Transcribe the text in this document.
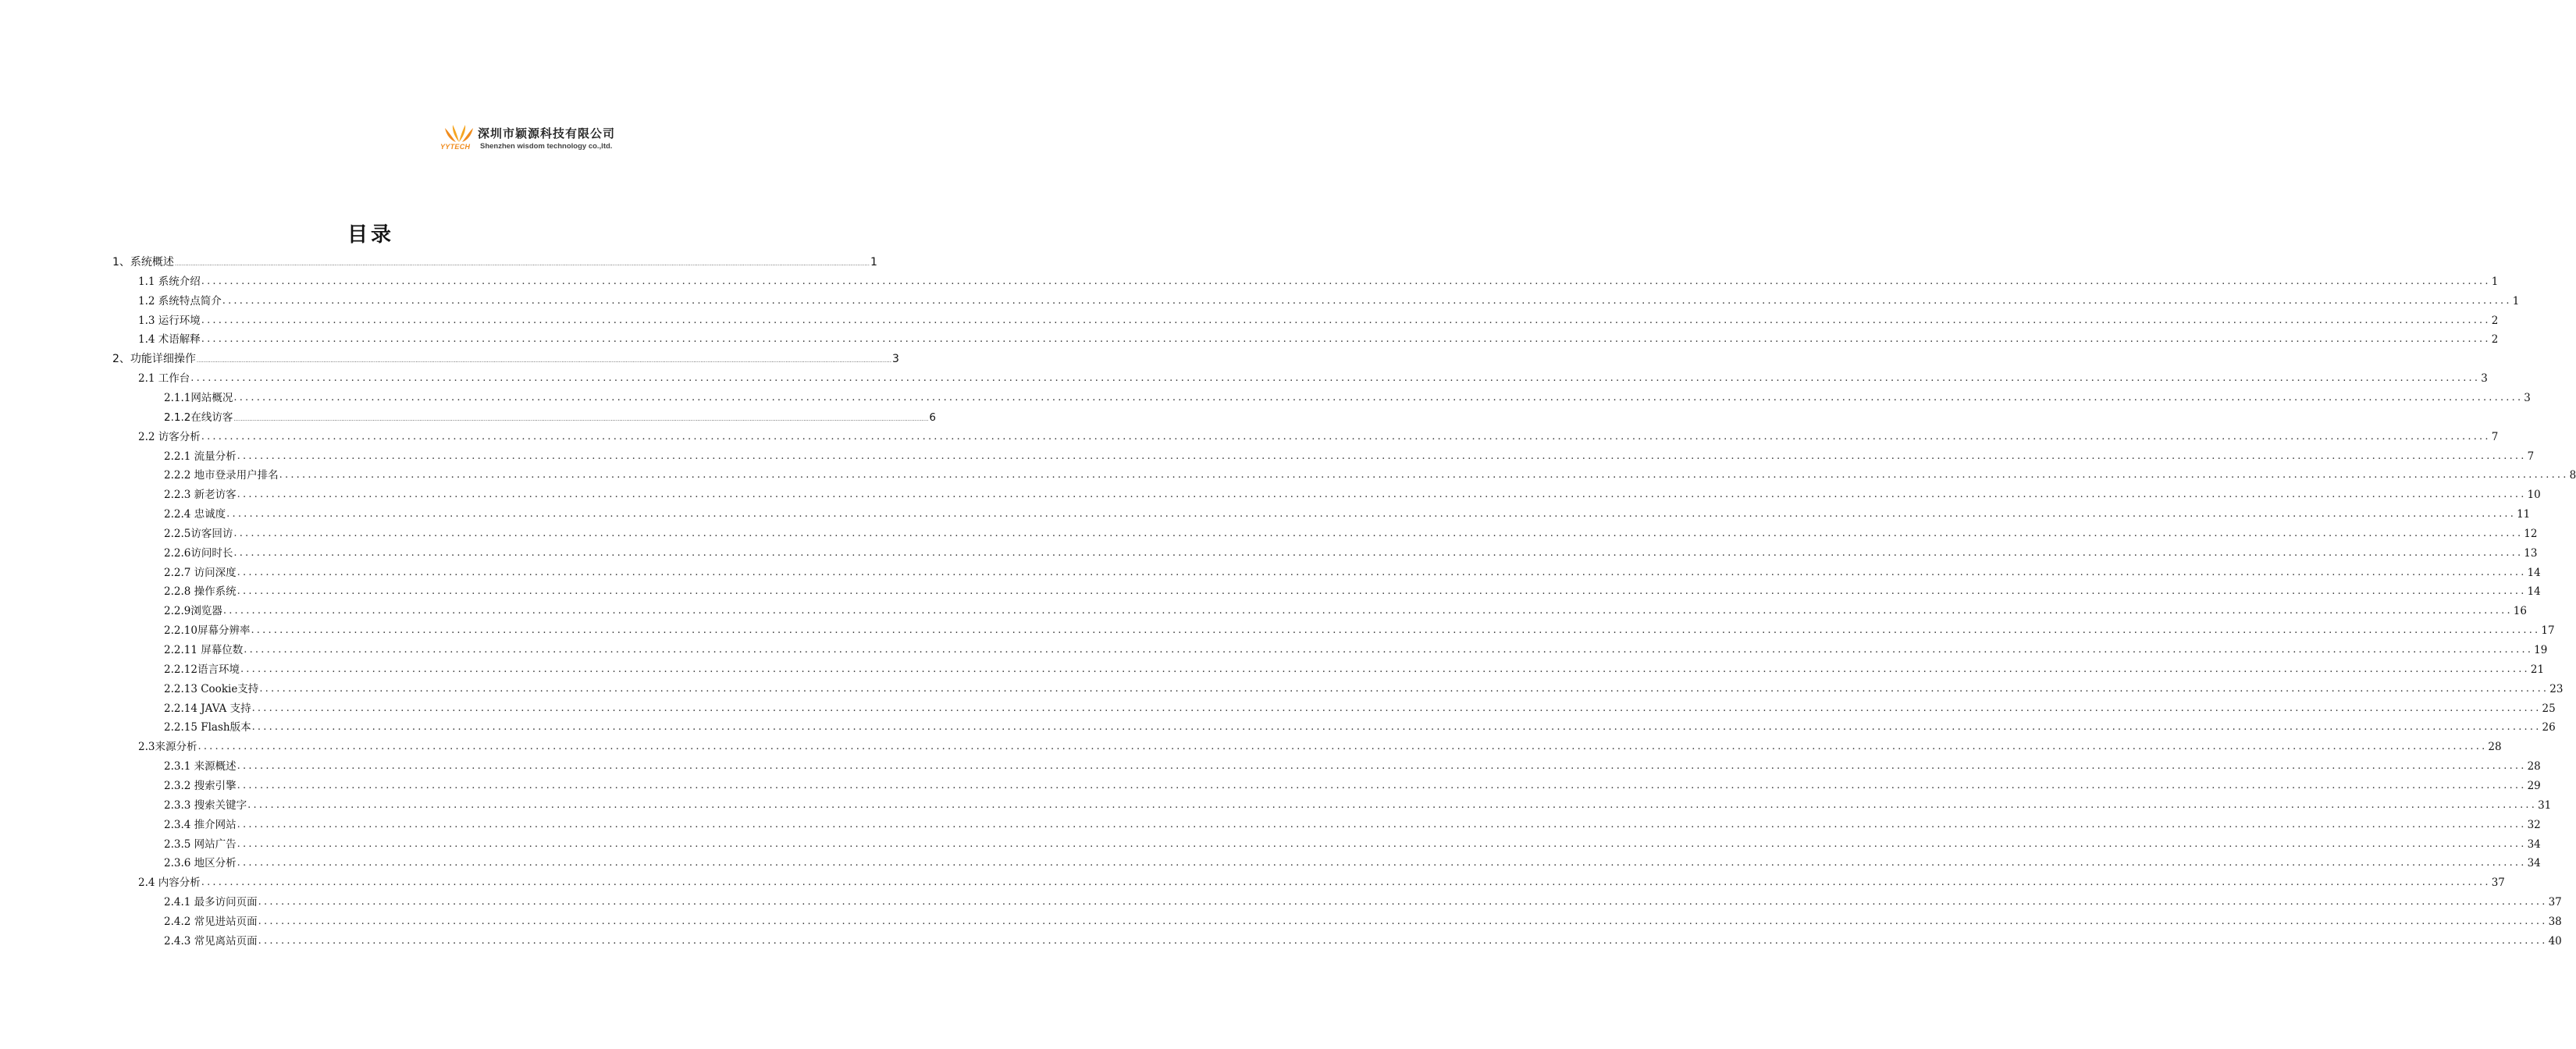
YYTECH
深圳市颖源科技有限公司
Shenzhen wisdom technology co.,ltd.
目录
1、系统概述 ................................................................................................................................................................................................................................................................................................................................................................................................................ 1
1.1 系统介绍 ................................................................................................................................................................................................................................................................................................................................................................................................................ 1
1.2 系统特点简介 ................................................................................................................................................................................................................................................................................................................................................................................................................ 1
1.3 运行环境 ................................................................................................................................................................................................................................................................................................................................................................................................................ 2
1.4 术语解释 ................................................................................................................................................................................................................................................................................................................................................................................................................ 2
2、功能详细操作 ................................................................................................................................................................................................................................................................................................................................................................................................................ 3
2.1 工作台 ................................................................................................................................................................................................................................................................................................................................................................................................................ 3
2.1.1网站概况 ................................................................................................................................................................................................................................................................................................................................................................................................................ 3
2.1.2在线访客 ................................................................................................................................................................................................................................................................................................................................................................................................................ 6
2.2 访客分析 ................................................................................................................................................................................................................................................................................................................................................................................................................ 7
2.2.1 流量分析 ................................................................................................................................................................................................................................................................................................................................................................................................................ 7
2.2.2 地市登录用户排名 ................................................................................................................................................................................................................................................................................................................................................................................................................ 8
2.2.3 新老访客 ................................................................................................................................................................................................................................................................................................................................................................................................................ 10
2.2.4 忠诚度 ................................................................................................................................................................................................................................................................................................................................................................................................................ 11
2.2.5访客回访 ................................................................................................................................................................................................................................................................................................................................................................................................................ 12
2.2.6访问时长 ................................................................................................................................................................................................................................................................................................................................................................................................................ 13
2.2.7 访问深度 ................................................................................................................................................................................................................................................................................................................................................................................................................ 14
2.2.8 操作系统 ................................................................................................................................................................................................................................................................................................................................................................................................................ 14
2.2.9浏览器 ................................................................................................................................................................................................................................................................................................................................................................................................................ 16
2.2.10屏幕分辨率 ................................................................................................................................................................................................................................................................................................................................................................................................................ 17
2.2.11 屏幕位数 ................................................................................................................................................................................................................................................................................................................................................................................................................ 19
2.2.12语言环境 ................................................................................................................................................................................................................................................................................................................................................................................................................ 21
2.2.13 Cookie支持 ................................................................................................................................................................................................................................................................................................................................................................................................................ 23
2.2.14 JAVA 支持 ................................................................................................................................................................................................................................................................................................................................................................................................................ 25
2.2.15 Flash版本 ................................................................................................................................................................................................................................................................................................................................................................................................................ 26
2.3来源分析 ................................................................................................................................................................................................................................................................................................................................................................................................................ 28
2.3.1 来源概述 ................................................................................................................................................................................................................................................................................................................................................................................................................ 28
2.3.2 搜索引擎 ................................................................................................................................................................................................................................................................................................................................................................................................................ 29
2.3.3 搜索关键字 ................................................................................................................................................................................................................................................................................................................................................................................................................ 31
2.3.4 推介网站 ................................................................................................................................................................................................................................................................................................................................................................................................................ 32
2.3.5 网站广告 ................................................................................................................................................................................................................................................................................................................................................................................................................ 34
2.3.6 地区分析 ................................................................................................................................................................................................................................................................................................................................................................................................................ 34
2.4 内容分析 ................................................................................................................................................................................................................................................................................................................................................................................................................ 37
2.4.1 最多访问页面 ................................................................................................................................................................................................................................................................................................................................................................................................................ 37
2.4.2 常见进站页面 ................................................................................................................................................................................................................................................................................................................................................................................................................ 38
2.4.3 常见离站页面 ................................................................................................................................................................................................................................................................................................................................................................................................................ 40
